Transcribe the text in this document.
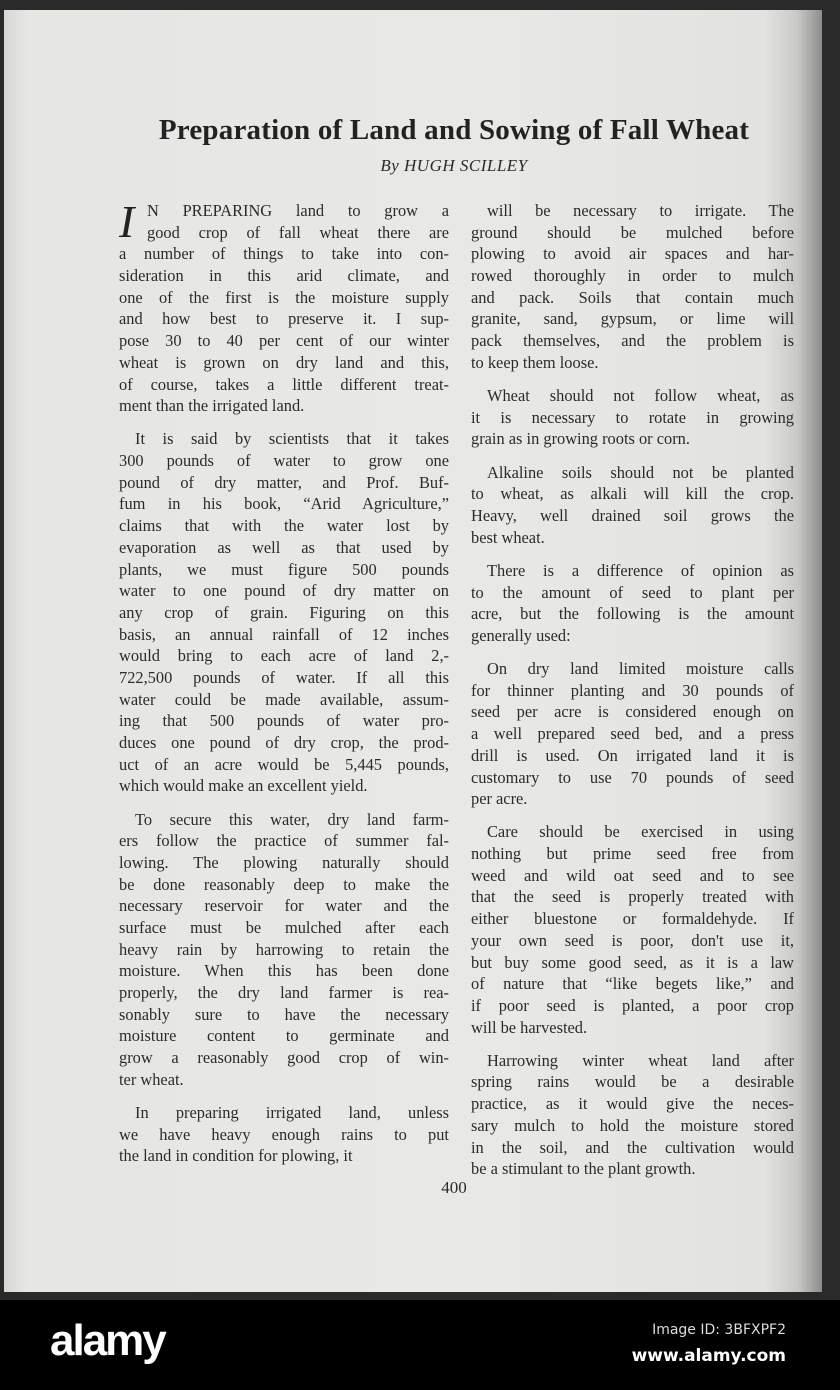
Preparation of Land and Sowing of Fall Wheat
By HUGH SCILLEY
I N PREPARING land to grow a
good crop of fall wheat there are
a number of things to take into con-
sideration in this arid climate, and
one of the first is the moisture supply
and how best to preserve it. I sup-
pose 30 to 40 per cent of our winter
wheat is grown on dry land and this,
of course, takes a little different treat-
ment than the irrigated land.
It is said by scientists that it takes
300 pounds of water to grow one
pound of dry matter, and Prof. Buf-
fum in his book, “Arid Agriculture,”
claims that with the water lost by
evaporation as well as that used by
plants, we must figure 500 pounds
water to one pound of dry matter on
any crop of grain. Figuring on this
basis, an annual rainfall of 12 inches
would bring to each acre of land 2,-
722,500 pounds of water. If all this
water could be made available, assum-
ing that 500 pounds of water pro-
duces one pound of dry crop, the prod-
uct of an acre would be 5,445 pounds,
which would make an excellent yield.
To secure this water, dry land farm-
ers follow the practice of summer fal-
lowing. The plowing naturally should
be done reasonably deep to make the
necessary reservoir for water and the
surface must be mulched after each
heavy rain by harrowing to retain the
moisture. When this has been done
properly, the dry land farmer is rea-
sonably sure to have the necessary
moisture content to germinate and
grow a reasonably good crop of win-
ter wheat.
In preparing irrigated land, unless
we have heavy enough rains to put
the land in condition for plowing, it
will be necessary to irrigate. The
ground should be mulched before
plowing to avoid air spaces and har-
rowed thoroughly in order to mulch
and pack. Soils that contain much
granite, sand, gypsum, or lime will
pack themselves, and the problem is
to keep them loose.
Wheat should not follow wheat, as
it is necessary to rotate in growing
grain as in growing roots or corn.
Alkaline soils should not be planted
to wheat, as alkali will kill the crop.
Heavy, well drained soil grows the
best wheat.
There is a difference of opinion as
to the amount of seed to plant per
acre, but the following is the amount
generally used:
On dry land limited moisture calls
for thinner planting and 30 pounds of
seed per acre is considered enough on
a well prepared seed bed, and a press
drill is used. On irrigated land it is
customary to use 70 pounds of seed
per acre.
Care should be exercised in using
nothing but prime seed free from
weed and wild oat seed and to see
that the seed is properly treated with
either bluestone or formaldehyde. If
your own seed is poor, don't use it,
but buy some good seed, as it is a law
of nature that “like begets like,” and
if poor seed is planted, a poor crop
will be harvested.
Harrowing winter wheat land after
spring rains would be a desirable
practice, as it would give the neces-
sary mulch to hold the moisture stored
in the soil, and the cultivation would
be a stimulant to the plant growth.
400
alamy	Image ID: 3BFXPF2
www.alamy.com
